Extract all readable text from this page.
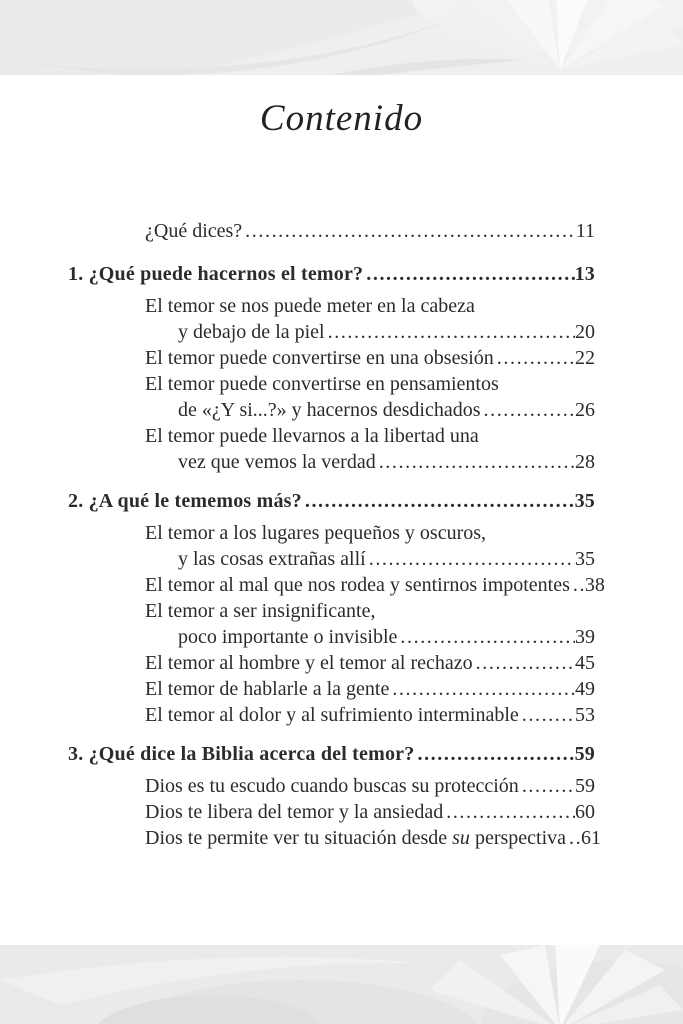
Contenido
¿Qué dices? .....	11
1. ¿Qué puede hacernos el temor? .....	13
El temor se nos puede meter en la cabeza
y debajo de la piel .....	20
El temor puede convertirse en una obsesión .....	22
El temor puede convertirse en pensamientos
de «¿Y si...?» y hacernos desdichados .....	26
El temor puede llevarnos a la libertad una
vez que vemos la verdad .....	28
2. ¿A qué le tememos más? .....	35
El temor a los lugares pequeños y oscuros,
y las cosas extrañas allí .....	35
El temor al mal que nos rodea y sentirnos impotentes ..... 38
El temor a ser insignificante,
poco importante o invisible .....	39
El temor al hombre y el temor al rechazo .....	45
El temor de hablarle a la gente .....	49
El temor al dolor y al sufrimiento interminable .....	53
3. ¿Qué dice la Biblia acerca del temor? .....	59
Dios es tu escudo cuando buscas su protección .....	59
Dios te libera del temor y la ansiedad .....	60
Dios te permite ver tu situación desde su perspectiva ..... 61
